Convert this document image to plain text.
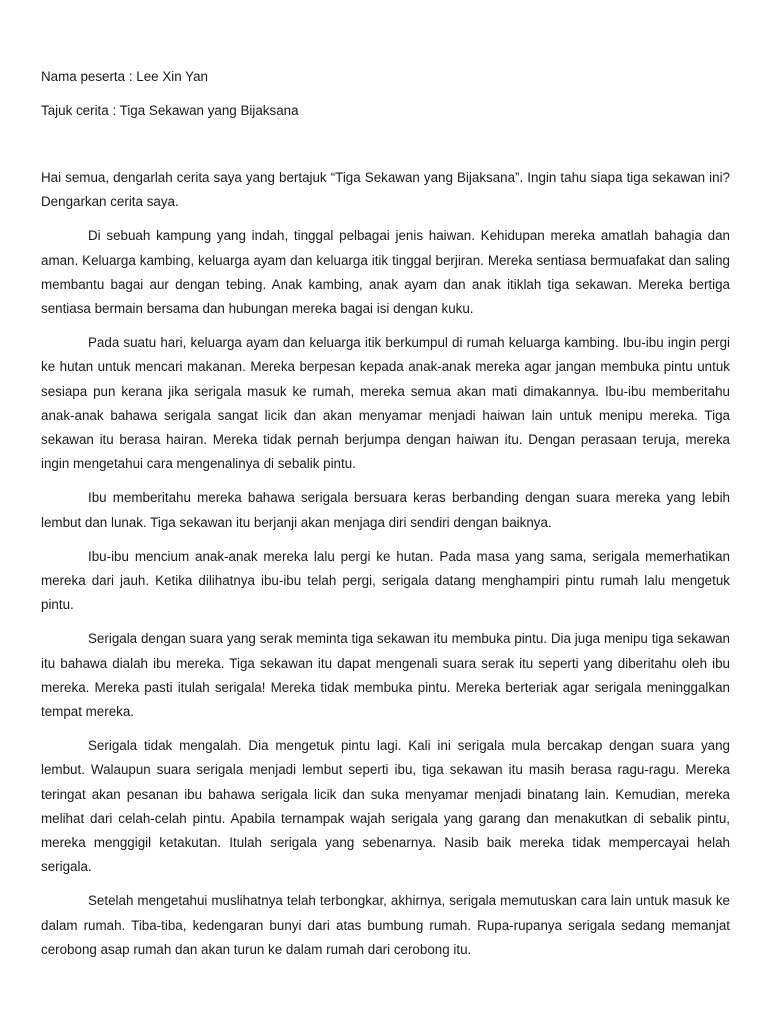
Nama peserta : Lee Xin Yan

Tajuk cerita : Tiga Sekawan yang Bijaksana

Hai semua, dengarlah cerita saya yang bertajuk “Tiga Sekawan yang Bijaksana”. Ingin tahu siapa tiga sekawan ini? Dengarkan cerita saya.

Di sebuah kampung yang indah, tinggal pelbagai jenis haiwan. Kehidupan mereka amatlah bahagia dan aman. Keluarga kambing, keluarga ayam dan keluarga itik tinggal berjiran. Mereka sentiasa bermuafakat dan saling membantu bagai aur dengan tebing. Anak kambing, anak ayam dan anak itiklah tiga sekawan. Mereka bertiga sentiasa bermain bersama dan hubungan mereka bagai isi dengan kuku.

Pada suatu hari, keluarga ayam dan keluarga itik berkumpul di rumah keluarga kambing. Ibu-ibu ingin pergi ke hutan untuk mencari makanan. Mereka berpesan kepada anak-anak mereka agar jangan membuka pintu untuk sesiapa pun kerana jika serigala masuk ke rumah, mereka semua akan mati dimakannya. Ibu-ibu memberitahu anak-anak bahawa serigala sangat licik dan akan menyamar menjadi haiwan lain untuk menipu mereka. Tiga sekawan itu berasa hairan. Mereka tidak pernah berjumpa dengan haiwan itu. Dengan perasaan teruja, mereka ingin mengetahui cara mengenalinya di sebalik pintu.

Ibu memberitahu mereka bahawa serigala bersuara keras berbanding dengan suara mereka yang lebih lembut dan lunak. Tiga sekawan itu berjanji akan menjaga diri sendiri dengan baiknya.

Ibu-ibu mencium anak-anak mereka lalu pergi ke hutan. Pada masa yang sama, serigala memerhatikan mereka dari jauh. Ketika dilihatnya ibu-ibu telah pergi, serigala datang menghampiri pintu rumah lalu mengetuk pintu.

Serigala dengan suara yang serak meminta tiga sekawan itu membuka pintu. Dia juga menipu tiga sekawan itu bahawa dialah ibu mereka. Tiga sekawan itu dapat mengenali suara serak itu seperti yang diberitahu oleh ibu mereka. Mereka pasti itulah serigala! Mereka tidak membuka pintu. Mereka berteriak agar serigala meninggalkan tempat mereka.

Serigala tidak mengalah. Dia mengetuk pintu lagi. Kali ini serigala mula bercakap dengan suara yang lembut. Walaupun suara serigala menjadi lembut seperti ibu, tiga sekawan itu masih berasa ragu-ragu. Mereka teringat akan pesanan ibu bahawa serigala licik dan suka menyamar menjadi binatang lain. Kemudian, mereka melihat dari celah-celah pintu. Apabila ternampak wajah serigala yang garang dan menakutkan di sebalik pintu, mereka menggigil ketakutan. Itulah serigala yang sebenarnya. Nasib baik mereka tidak mempercayai helah serigala.

Setelah mengetahui muslihatnya telah terbongkar, akhirnya, serigala memutuskan cara lain untuk masuk ke dalam rumah. Tiba-tiba, kedengaran bunyi dari atas bumbung rumah. Rupa-rupanya serigala sedang memanjat cerobong asap rumah dan akan turun ke dalam rumah dari cerobong itu.
